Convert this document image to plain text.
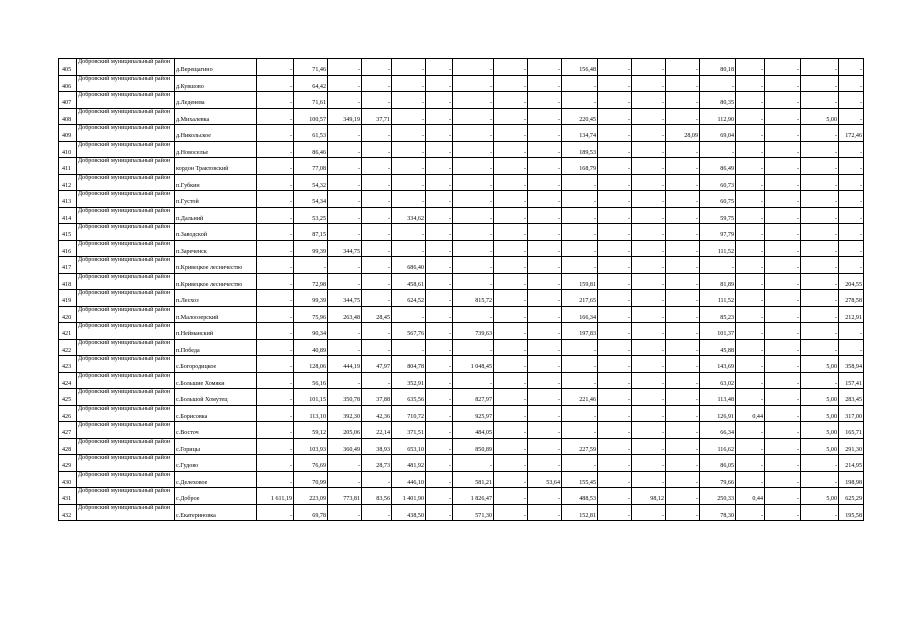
405	Добровский муниципальный район	д.Верещагино	-	71,46	-	-	-	-	-	-	-	156,48	-	-	-	80,18	-	-	-	-
406	Добровский муниципальный район	д.Кувшово	-	64,42	-	-	-	-	-	-	-	-	-	-	-	-	-	-	-	-
407	Добровский муниципальный район	д.Леденева	-	71,61	-	-	-	-	-	-	-	-	-	-	-	80,35	-	-	-	-
408	Добровский муниципальный район	д.Михалевка	-	100,57	349,19	37,71	-	-	-	-	-	220,45	-	-	-	112,90	-	-	5,00	-
409	Добровский муниципальный район	д.Никольское	-	61,53	-	-	-	-	-	-	-	134,74	-	-	28,09	69,04	-	-	-	172,46
410	Добровский муниципальный район	д.Новоселье	-	86,46	-	-	-	-	-	-	-	189,53	-	-	-	-	-	-	-	-
411	Добровский муниципальный район	кордон Трактовский	-	77,08	-	-	-	-	-	-	-	168,79	-	-	-	86,49	-	-	-	-
412	Добровский муниципальный район	п.Губкин	-	54,32	-	-	-	-	-	-	-	-	-	-	-	60,73	-	-	-	-
413	Добровский муниципальный район	п.Густой	-	54,34	-	-	-	-	-	-	-	-	-	-	-	60,75	-	-	-	-
414	Добровский муниципальный район	п.Дальний	-	53,25	-	-	334,62	-	-	-	-	-	-	-	-	59,75	-	-	-	-
415	Добровский муниципальный район	п.Заводской	-	87,15	-	-	-	-	-	-	-	-	-	-	-	97,79	-	-	-	-
416	Добровский муниципальный район	п.Зареченск	-	99,39	344,75	-	-	-	-	-	-	-	-	-	-	111,52	-	-	-	-
417	Добровский муниципальный район	п.Кривецкое лесничество	-	-	-	-	686,40	-	-	-	-	-	-	-	-	-	-	-	-	-
418	Добровский муниципальный район	п.Кривецкое лесничество	-	72,98	-	-	458,61	-	-	-	-	159,81	-	-	-	81,89	-	-	-	204,55
419	Добровский муниципальный район	п.Лесхоз	-	99,39	344,75	-	624,52	-	815,72	-	-	217,65	-	-	-	111,52	-	-	-	278,58
420	Добровский муниципальный район	п.Малоозерский	-	75,96	263,48	28,45	-	-	-	-	-	166,34	-	-	-	85,23	-	-	-	212,91
421	Добровский муниципальный район	п.Нейманский	-	90,34	-	-	567,76	-	739,63	-	-	197,83	-	-	-	101,37	-	-	-	-
422	Добровский муниципальный район	п.Победа	-	40,89	-	-	-	-	-	-	-	-	-	-	-	45,88	-	-	-	-
423	Добровский муниципальный район	с.Богородицкое	-	128,06	444,19	47,97	804,78	-	1 048,45	-	-	-	-	-	-	143,69	-	-	5,00	358,94
424	Добровский муниципальный район	с.Большие Хомяки	-	56,16	-	-	352,91	-	-	-	-	-	-	-	-	63,02	-	-	-	157,41
425	Добровский муниципальный район	с.Большой Хомутец	-	101,15	350,78	37,88	635,56	-	827,97	-	-	221,46	-	-	-	113,48	-	-	5,00	283,45
426	Добровский муниципальный район	с.Борисовка	-	113,10	392,30	42,36	710,72	-	925,97	-	-	-	-	-	-	126,91	0,44	-	5,00	317,00
427	Добровский муниципальный район	с.Восточ	-	59,12	205,06	22,14	371,51	-	484,05	-	-	-	-	-	-	66,34	-	-	5,00	165,71
428	Добровский муниципальный район	с.Горицы	-	103,93	360,49	38,93	653,10	-	850,89	-	-	227,59	-	-	-	116,62	-	-	5,00	291,30
429	Добровский муниципальный район	с.Гудово	-	76,69	-	28,73	481,92	-	-	-	-	-	-	-	-	86,05	-	-	-	214,95
430	Добровский муниципальный район	с.Делеховое	-	70,99	-	-	446,10	-	581,21	-	53,64	155,45	-	-	-	79,66	-	-	-	198,98
431	Добровский муниципальный район	с.Доброе	1 611,19	223,09	773,81	83,56	1 401,90	-	1 826,47	-	-	488,53	-	98,12	-	250,33	0,44	-	5,00	625,29
432	Добровский муниципальный район	с.Екатериновка	-	69,78	-	-	438,50	-	571,30	-	-	152,81	-	-	-	78,30	-	-	-	195,58
